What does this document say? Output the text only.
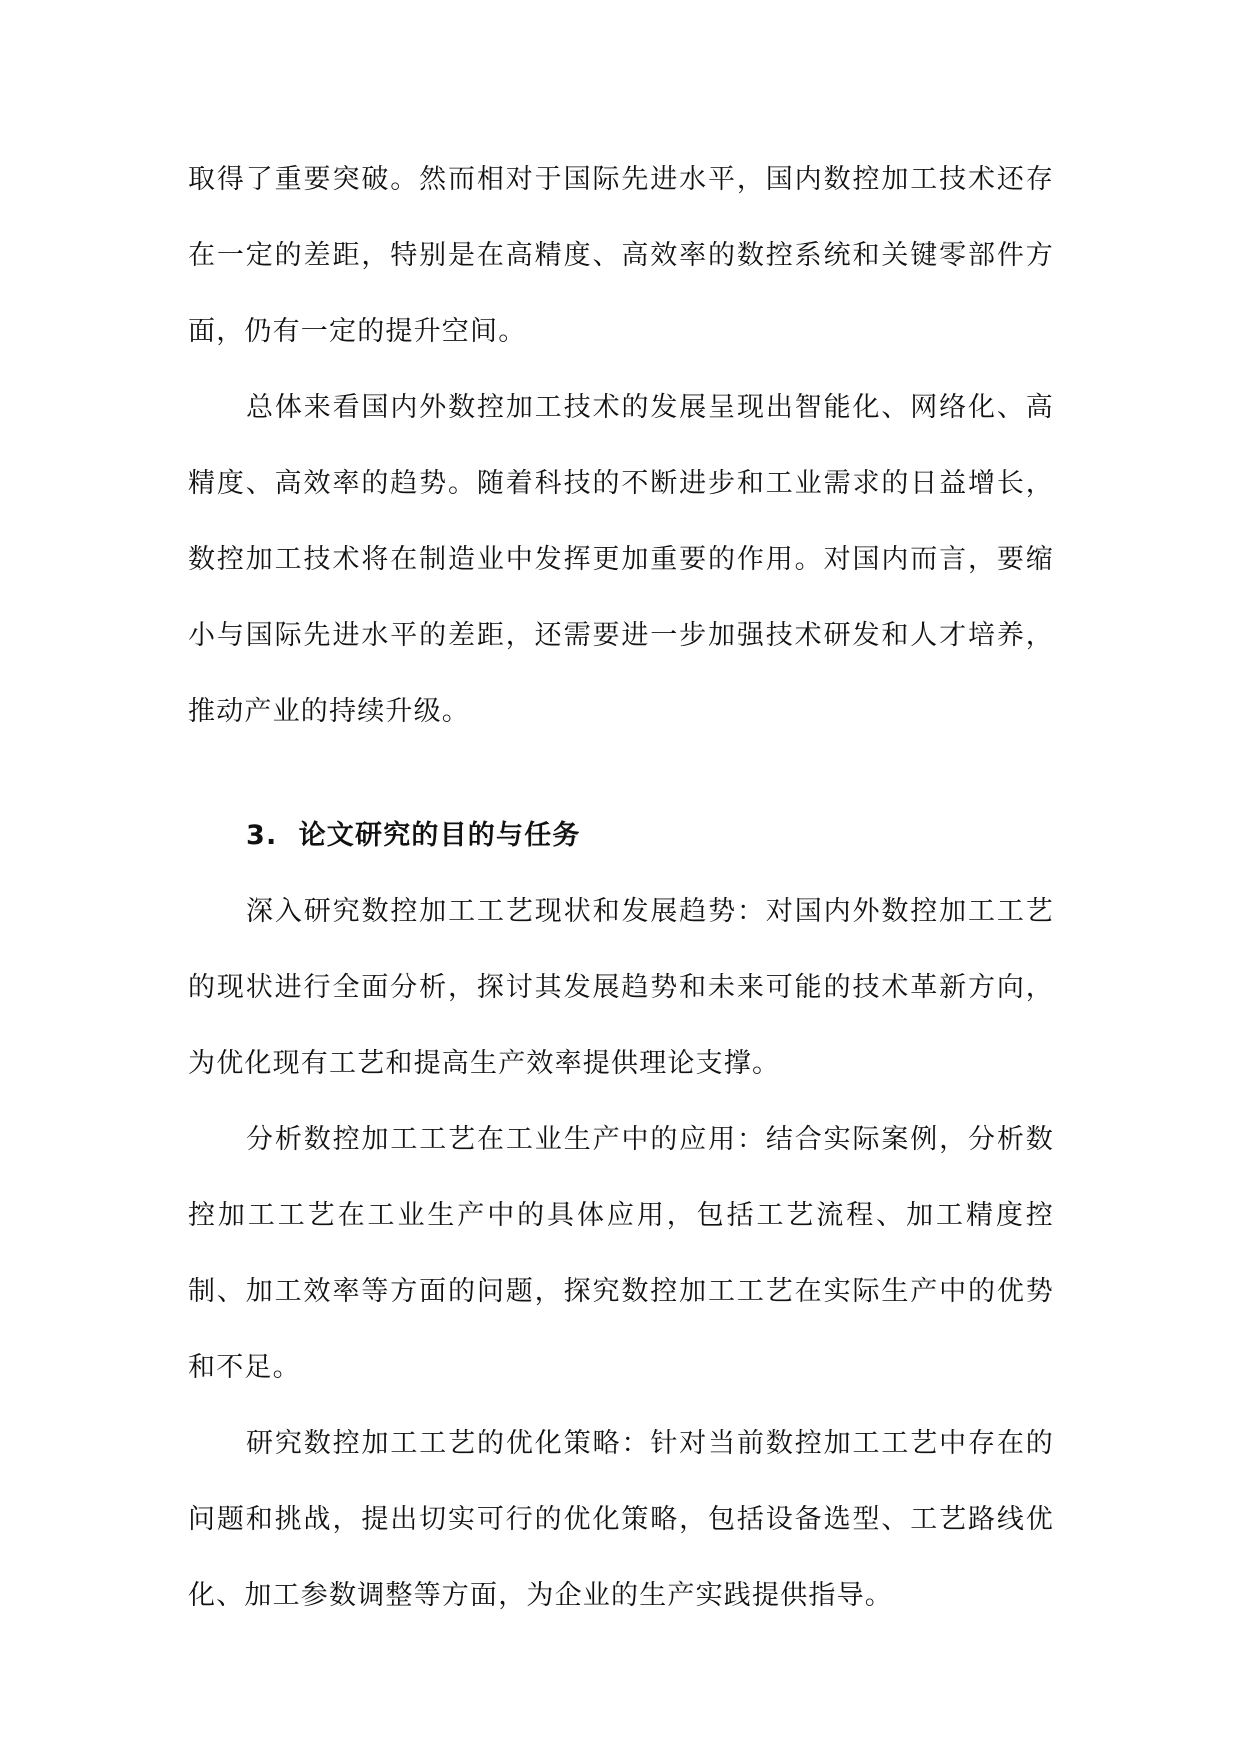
取得了重要突破。然而相对于国际先进水平，国内数控加工技术还存在一定的差距，特别是在高精度、高效率的数控系统和关键零部件方面，仍有一定的提升空间。

总体来看国内外数控加工技术的发展呈现出智能化、网络化、高精度、高效率的趋势。随着科技的不断进步和工业需求的日益增长，数控加工技术将在制造业中发挥更加重要的作用。对国内而言，要缩小与国际先进水平的差距，还需要进一步加强技术研发和人才培养，推动产业的持续升级。

3. 论文研究的目的与任务

深入研究数控加工工艺现状和发展趋势：对国内外数控加工工艺的现状进行全面分析，探讨其发展趋势和未来可能的技术革新方向，为优化现有工艺和提高生产效率提供理论支撑。

分析数控加工工艺在工业生产中的应用：结合实际案例，分析数控加工工艺在工业生产中的具体应用，包括工艺流程、加工精度控制、加工效率等方面的问题，探究数控加工工艺在实际生产中的优势和不足。

研究数控加工工艺的优化策略：针对当前数控加工工艺中存在的问题和挑战，提出切实可行的优化策略，包括设备选型、工艺路线优化、加工参数调整等方面，为企业的生产实践提供指导。
